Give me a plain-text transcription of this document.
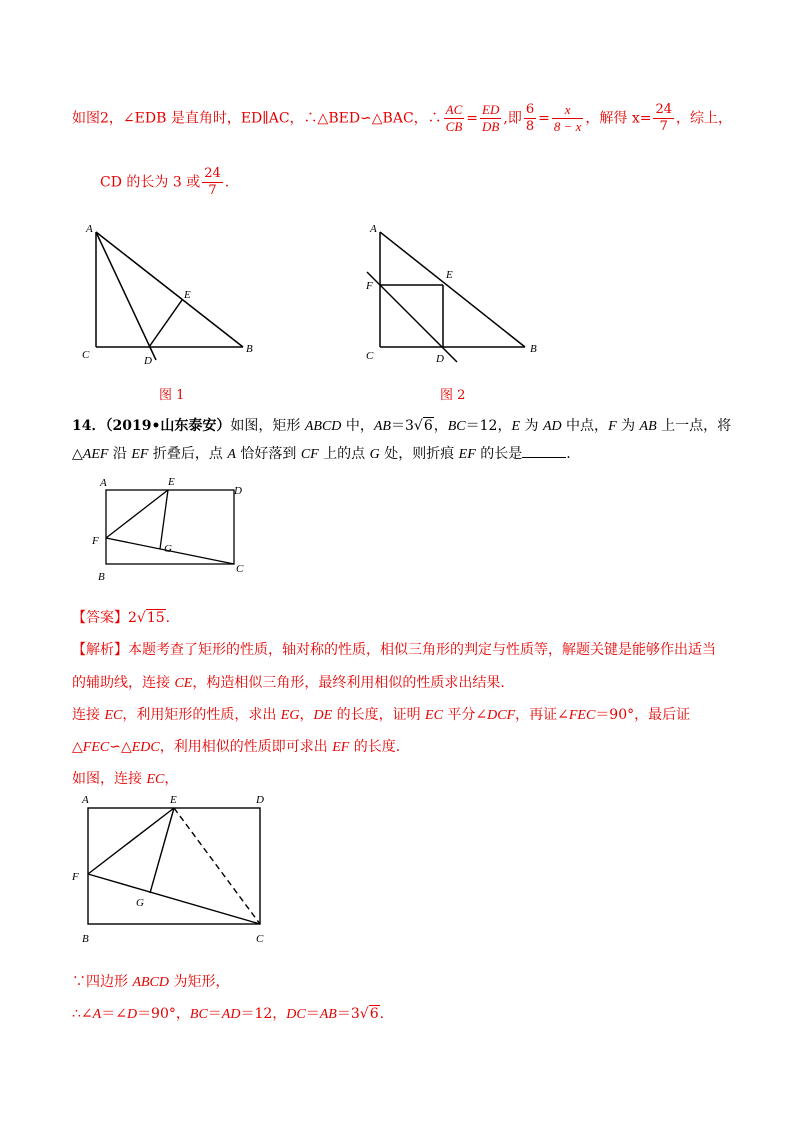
如图2，∠EDB 是直角时，ED∥AC，∴△BED∽△BAC，∴ $\frac{AC}{CB} = \frac{ED}{DB}$ ,即 $\frac{6}{8} = \frac{x}{8 - x}$ ，解得 $x= \frac{24}{7}$ ，综上，
CD 的长为 3 或 $\frac{24}{7}$ .
A
C	D
E
B
图 1
A
F
E
C	D
B
图 2
14．（2019•山东泰安）如图，矩形 ABCD 中，AB＝3√6，BC＝12，E 为 AD 中点，F 为 AB 上一点，将
△AEF 沿 EF 折叠后，点 A 恰好落到 CF 上的点 G 处，则折痕 EF 的长是	.
A	E
D
F
G
B
C
【答案】2√15.
【解析】本题考查了矩形的性质，轴对称的性质，相似三角形的判定与性质等，解题关键是能够作出适当
的辅助线，连接 CE，构造相似三角形，最终利用相似的性质求出结果.
连接 EC，利用矩形的性质，求出 EG，DE 的长度，证明 EC 平分∠DCF，再证∠FEC＝90°，最后证
△FEC∽△EDC，利用相似的性质即可求出 EF 的长度.
如图，连接 EC，
A	E	D
F
G
B	C
∵四边形 ABCD 为矩形，
∴∠A＝∠D＝90°，BC＝AD＝12，DC＝AB＝3√6.
